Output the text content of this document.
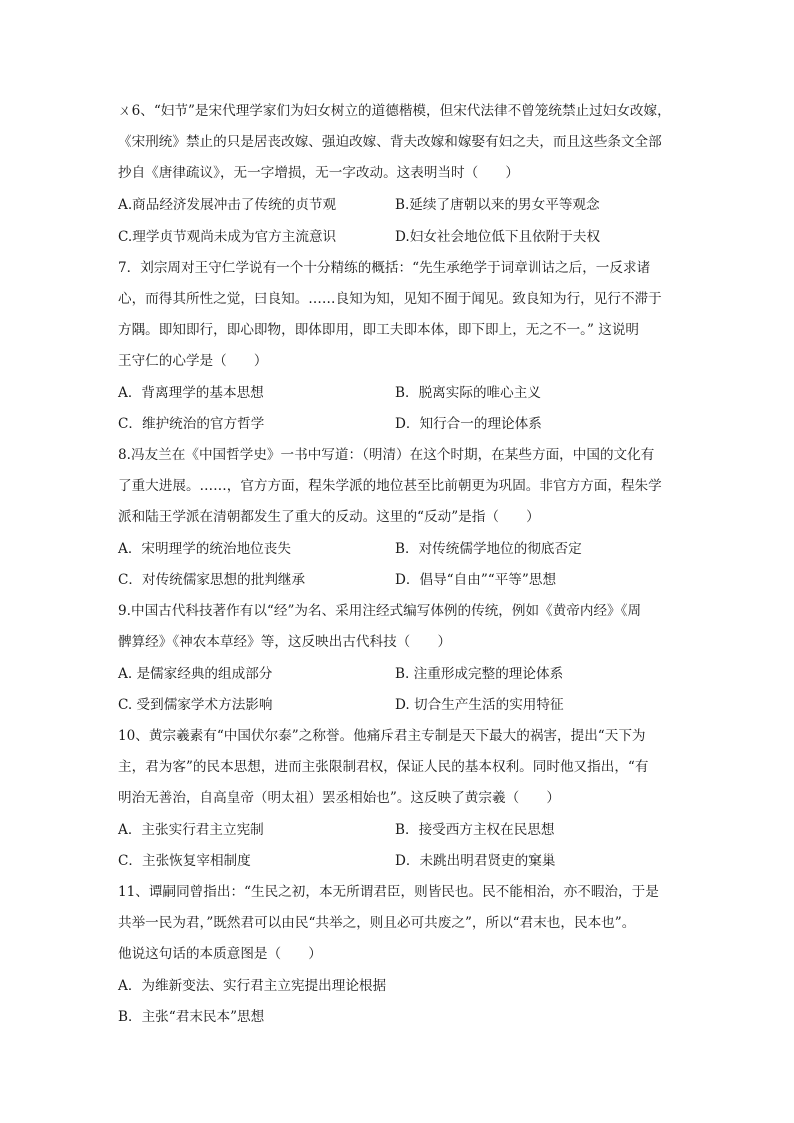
ㄨ6、“妇节”是宋代理学家们为妇女树立的道德楷模，但宋代法律不曾笼统禁止过妇女改嫁，
《宋刑统》禁止的只是居丧改嫁、强迫改嫁、背夫改嫁和嫁娶有妇之夫，而且这些条文全部
抄自《唐律疏议》，无一字增损，无一字改动。这表明当时（　　）
A.商品经济发展冲击了传统的贞节观	B.延续了唐朝以来的男女平等观念
C.理学贞节观尚未成为官方主流意识	D.妇女社会地位低下且依附于夫权
7．刘宗周对王守仁学说有一个十分精练的概括：“先生承绝学于词章训诂之后，一反求诸
心，而得其所性之觉，曰良知。……良知为知，见知不囿于闻见。致良知为行，见行不滞于
方隅。即知即行，即心即物，即体即用，即工夫即本体，即下即上，无之不一。” 这说明
王守仁的心学是（　　）
A．背离理学的基本思想	B．脱离实际的唯心主义
C．维护统治的官方哲学	D．知行合一的理论体系
8.冯友兰在《中国哲学史》一书中写道：（明清）在这个时期，在某些方面，中国的文化有
了重大进展。……，官方方面，程朱学派的地位甚至比前朝更为巩固。非官方方面，程朱学
派和陆王学派在清朝都发生了重大的反动。这里的“反动”是指（　　）
A．宋明理学的统治地位丧失	B．对传统儒学地位的彻底否定
C．对传统儒家思想的批判继承	D．倡导“自由”“平等”思想
9.中国古代科技著作有以“经”为名、采用注经式编写体例的传统，例如《黄帝内经》《周
髀算经》《神农本草经》等，这反映出古代科技（　　）
A. 是儒家经典的组成部分	B. 注重形成完整的理论体系
C. 受到儒家学术方法影响	D. 切合生产生活的实用特征
10、黄宗羲素有“中国伏尔泰”之称誉。他痛斥君主专制是天下最大的祸害，提出“天下为
主，君为客”的民本思想，进而主张限制君权，保证人民的基本权利。同时他又指出，“有
明治无善治，自高皇帝（明太祖）罢丞相始也”。这反映了黄宗羲（　　）
A．主张实行君主立宪制	B．接受西方主权在民思想
C．主张恢复宰相制度	D．未跳出明君贤吏的窠巢
11、谭嗣同曾指出：“生民之初，本无所谓君臣，则皆民也。民不能相治，亦不暇治，于是
共举一民为君，”既然君可以由民“共举之，则且必可共废之”，所以“君末也，民本也”。
他说这句话的本质意图是（　　）
A．为维新变法、实行君主立宪提出理论根据
B．主张“君末民本”思想
